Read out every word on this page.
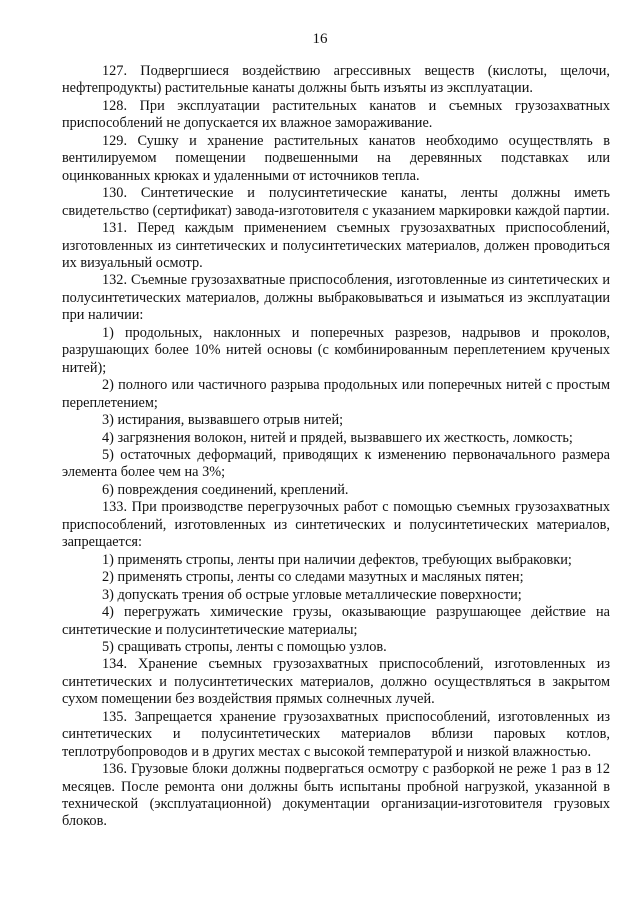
16

127. Подвергшиеся воздействию агрессивных веществ (кислоты, щелочи, нефтепродукты) растительные канаты должны быть изъяты из эксплуатации.

128. При эксплуатации растительных канатов и съемных грузозахватных приспособлений не допускается их влажное замораживание.

129. Сушку и хранение растительных канатов необходимо осуществлять в вентилируемом помещении подвешенными на деревянных подставках или оцинкованных крюках и удаленными от источников тепла.

130. Синтетические и полусинтетические канаты, ленты должны иметь свидетельство (сертификат) завода-изготовителя с указанием маркировки каждой партии.

131. Перед каждым применением съемных грузозахватных приспособлений, изготовленных из синтетических и полусинтетических материалов, должен проводиться их визуальный осмотр.

132. Съемные грузозахватные приспособления, изготовленные из синтетических и полусинтетических материалов, должны выбраковываться и изыматься из эксплуатации при наличии:

1) продольных, наклонных и поперечных разрезов, надрывов и проколов, разрушающих более 10% нитей основы (с комбинированным переплетением крученых нитей);

2) полного или частичного разрыва продольных или поперечных нитей с простым переплетением;

3) истирания, вызвавшего отрыв нитей;

4) загрязнения волокон, нитей и прядей, вызвавшего их жесткость, ломкость;

5) остаточных деформаций, приводящих к изменению первоначального размера элемента более чем на 3%;

6) повреждения соединений, креплений.

133. При производстве перегрузочных работ с помощью съемных грузозахватных приспособлений, изготовленных из синтетических и полусинтетических материалов, запрещается:

1) применять стропы, ленты при наличии дефектов, требующих выбраковки;

2) применять стропы, ленты со следами мазутных и масляных пятен;

3) допускать трения об острые угловые металлические поверхности;

4) перегружать химические грузы, оказывающие разрушающее действие на синтетические и полусинтетические материалы;

5) сращивать стропы, ленты с помощью узлов.

134. Хранение съемных грузозахватных приспособлений, изготовленных из синтетических и полусинтетических материалов, должно осуществляться в закрытом сухом помещении без воздействия прямых солнечных лучей.

135. Запрещается хранение грузозахватных приспособлений, изготовленных из синтетических и полусинтетических материалов вблизи паровых котлов, теплотрубопроводов и в других местах с высокой температурой и низкой влажностью.

136. Грузовые блоки должны подвергаться осмотру с разборкой не реже 1 раз в 12 месяцев. После ремонта они должны быть испытаны пробной нагрузкой, указанной в технической (эксплуатационной) документации организации-изготовителя грузовых блоков.
